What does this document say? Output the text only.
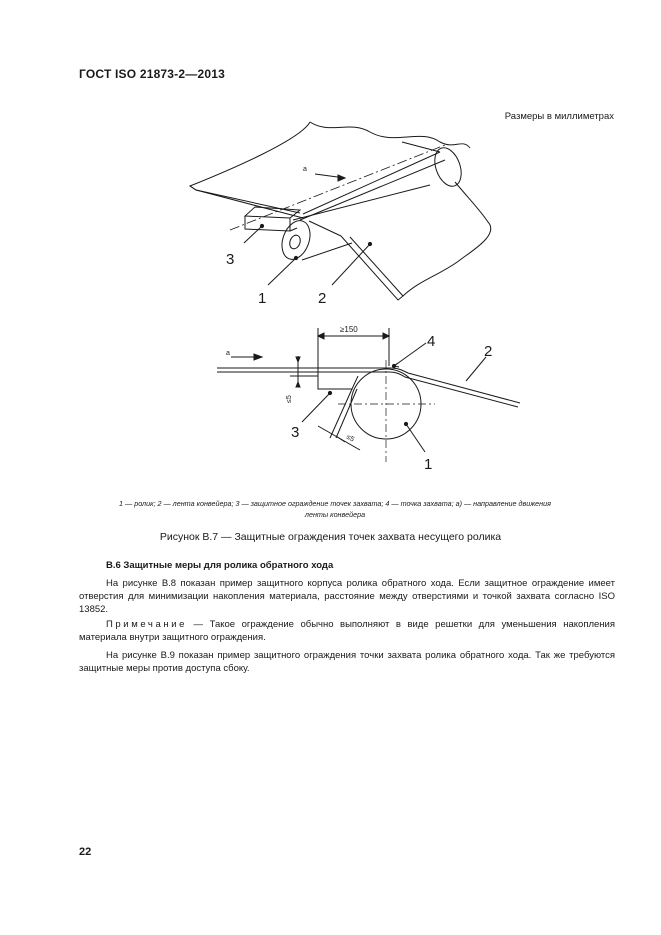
ГОСТ ISO 21873-2—2013
Размеры в миллиметрах
а
1	2
3
а
≥150
≤5
≤5
1
2
3
4
1 — ролик; 2 — лента конвейера; 3 — защитное ограждение точек захвата; 4 — точка захвата; а) — направление движения
ленты конвейера
Рисунок В.7 — Защитные ограждения точек захвата несущего ролика
В.6 Защитные меры для ролика обратного хода
На рисунке В.8 показан пример защитного корпуса ролика обратного хода. Если защитное ограждение имеет отверстия для минимизации накопления материала, расстояние между отверстиями и точкой захвата согласно ISO 13852.
Примечание — Такое ограждение обычно выполняют в виде решетки для уменьшения накопления материала внутри защитного ограждения.
На рисунке В.9 показан пример защитного ограждения точки захвата ролика обратного хода. Так же требуются защитные меры против доступа сбоку.
22
